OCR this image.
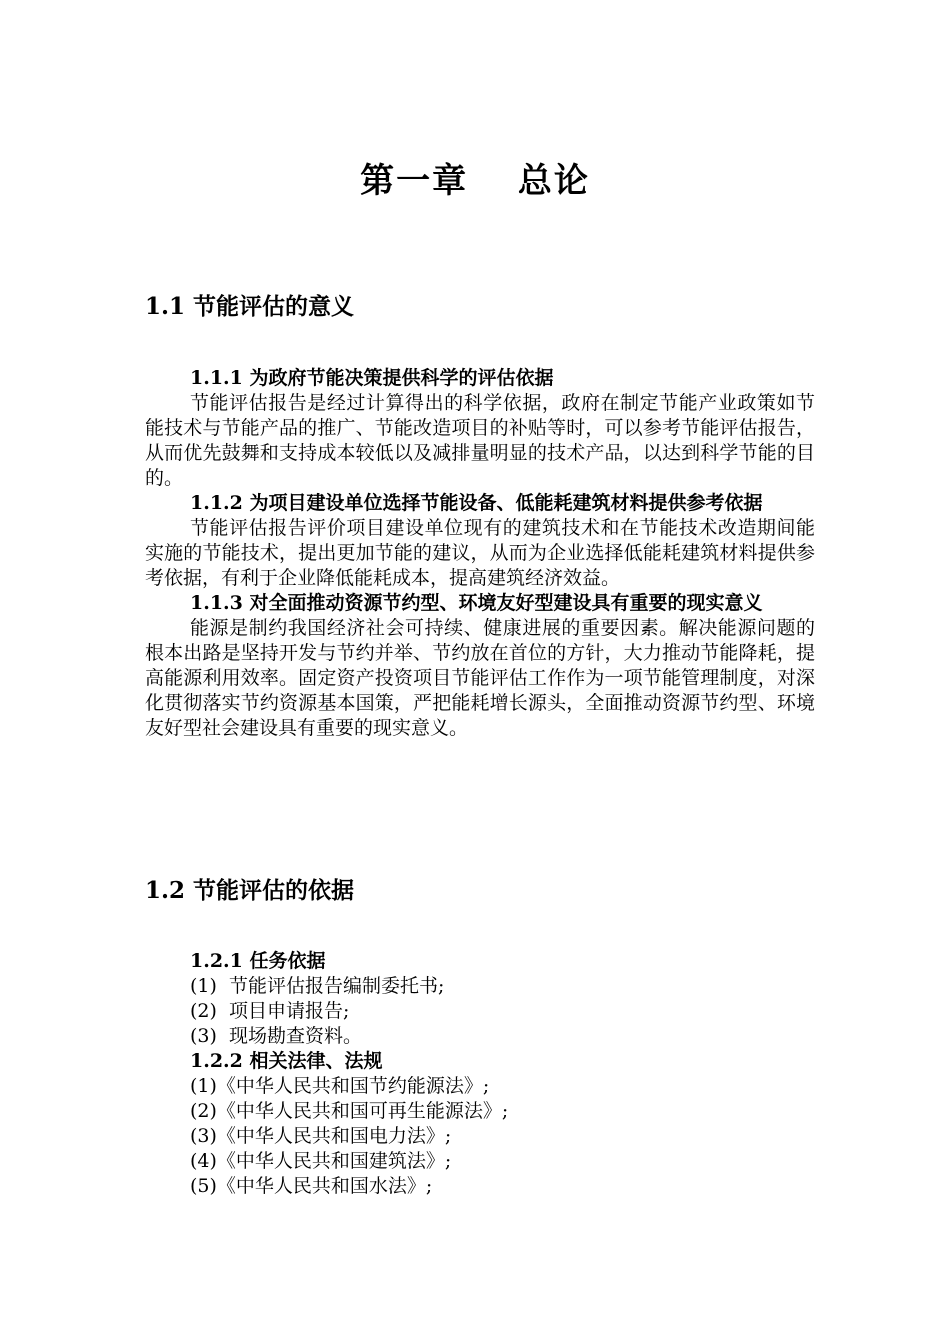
第一章　 总论
1.1 节能评估的意义

1.1.1 为政府节能决策提供科学的评估依据

节能评估报告是经过计算得出的科学依据，政府在制定节能产业政策如节能技术与节能产品的推广、节能改造项目的补贴等时，可以参考节能评估报告，从而优先鼓舞和支持成本较低以及减排量明显的技术产品，以达到科学节能的目的。

1.1.2 为项目建设单位选择节能设备、低能耗建筑材料提供参考依据

节能评估报告评价项目建设单位现有的建筑技术和在节能技术改造期间能实施的节能技术，提出更加节能的建议，从而为企业选择低能耗建筑材料提供参考依据，有利于企业降低能耗成本，提高建筑经济效益。

1.1.3 对全面推动资源节约型、环境友好型建设具有重要的现实意义

能源是制约我国经济社会可持续、健康进展的重要因素。解决能源问题的根本出路是坚持开发与节约并举、节约放在首位的方针，大力推动节能降耗，提高能源利用效率。固定资产投资项目节能评估工作作为一项节能管理制度，对深化贯彻落实节约资源基本国策，严把能耗增长源头，全面推动资源节约型、环境友好型社会建设具有重要的现实意义。

1.2 节能评估的依据

1.2.1 任务依据

(1)  节能评估报告编制委托书;

(2)  项目申请报告;

(3)  现场勘查资料。

1.2.2 相关法律、法规

(1)《中华人民共和国节约能源法》;

(2)《中华人民共和国可再生能源法》;

(3)《中华人民共和国电力法》;

(4)《中华人民共和国建筑法》;

(5)《中华人民共和国水法》;
